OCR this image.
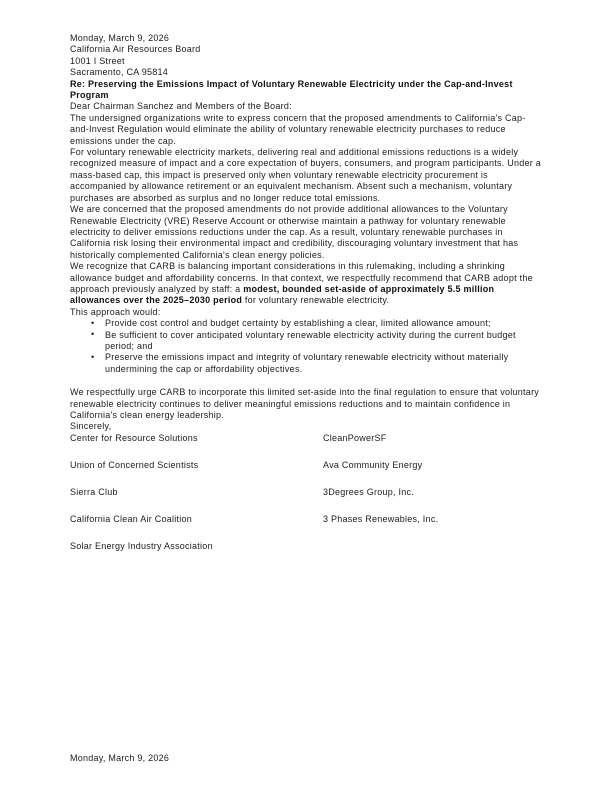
Monday, March 9, 2026

California Air Resources Board
1001 I Street
Sacramento, CA 95814

Re: Preserving the Emissions Impact of Voluntary Renewable Electricity under the Cap-and-Invest Program

Dear Chairman Sanchez and Members of the Board:

The undersigned organizations write to express concern that the proposed amendments to California's Cap-and-Invest Regulation would eliminate the ability of voluntary renewable electricity purchases to reduce emissions under the cap.

For voluntary renewable electricity markets, delivering real and additional emissions reductions is a widely recognized measure of impact and a core expectation of buyers, consumers, and program participants. Under a mass-based cap, this impact is preserved only when voluntary renewable electricity procurement is accompanied by allowance retirement or an equivalent mechanism. Absent such a mechanism, voluntary purchases are absorbed as surplus and no longer reduce total emissions.

We are concerned that the proposed amendments do not provide additional allowances to the Voluntary Renewable Electricity (VRE) Reserve Account or otherwise maintain a pathway for voluntary renewable electricity to deliver emissions reductions under the cap. As a result, voluntary renewable purchases in California risk losing their environmental impact and credibility, discouraging voluntary investment that has historically complemented California's clean energy policies.

We recognize that CARB is balancing important considerations in this rulemaking, including a shrinking allowance budget and affordability concerns. In that context, we respectfully recommend that CARB adopt the approach previously analyzed by staff: a modest, bounded set-aside of approximately 5.5 million allowances over the 2025–2030 period for voluntary renewable electricity.

This approach would:

• Provide cost control and budget certainty by establishing a clear, limited allowance amount;
• Be sufficient to cover anticipated voluntary renewable electricity activity during the current budget period; and
• Preserve the emissions impact and integrity of voluntary renewable electricity without materially undermining the cap or affordability objectives.

We respectfully urge CARB to incorporate this limited set-aside into the final regulation to ensure that voluntary renewable electricity continues to deliver meaningful emissions reductions and to maintain confidence in California's clean energy leadership.

Sincerely,

Center for Resource Solutions	CleanPowerSF
Union of Concerned Scientists	Ava Community Energy
Sierra Club	3Degrees Group, Inc.
California Clean Air Coalition	3 Phases Renewables, Inc.
Solar Energy Industry Association

Monday, March 9, 2026
